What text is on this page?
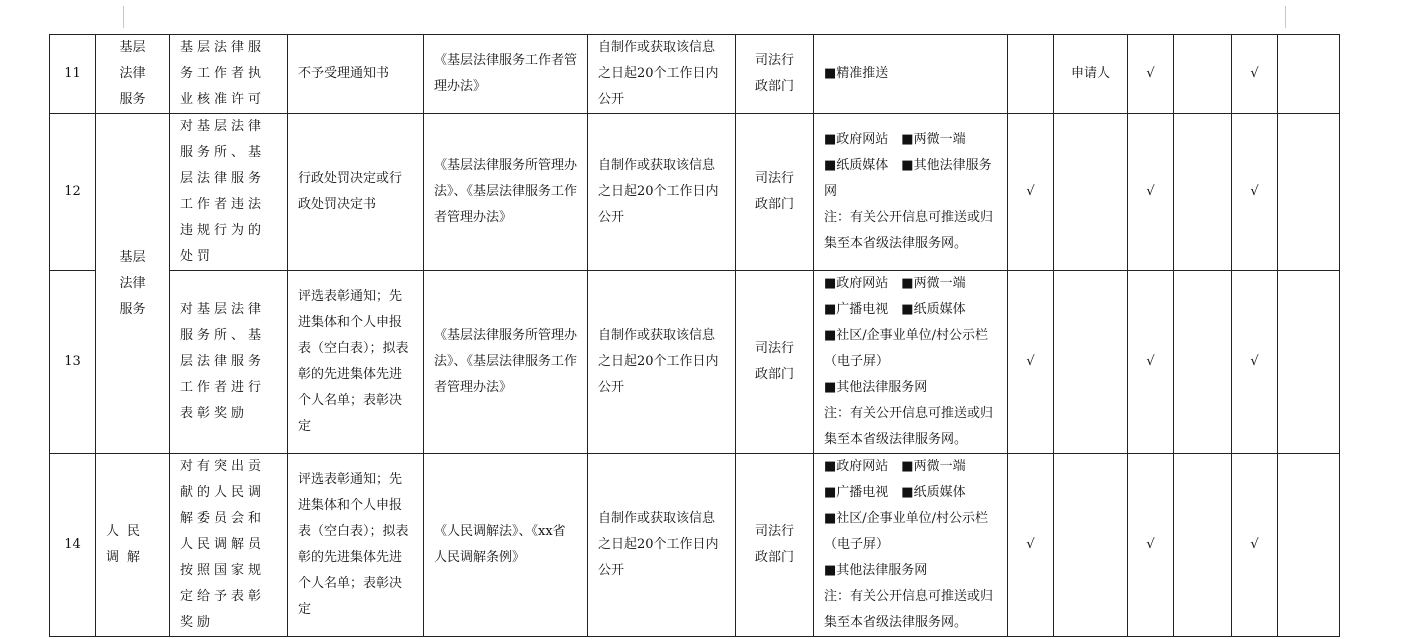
11	基层
法律
服务	基层法律服务工作者执业核准许可	不予受理通知书	《基层法律服务工作者管理办法》	自制作或获取该信息之日起20个工作日内公开	司法行
政部门	■精准推送		申请人	√		√	
12	基层
法律
服务	对基层法律服务所、基层法律服务工作者违法违规行为的处罚	行政处罚决定或行政处罚决定书	《基层法律服务所管理办法》、《基层法律服务工作者管理办法》	自制作或获取该信息之日起20个工作日内公开	司法行
政部门	■政府网站　■两微一端
■纸质媒体　■其他法律服务网
注：有关公开信息可推送或归集至本省级法律服务网。	√		√		√	
13		对基层法律服务所、基层法律服务工作者进行表彰奖励	评选表彰通知；先进集体和个人申报表（空白表）；拟表彰的先进集体先进个人名单；表彰决定	《基层法律服务所管理办法》、《基层法律服务工作者管理办法》	自制作或获取该信息之日起20个工作日内公开	司法行
政部门	■政府网站　■两微一端
■广播电视　■纸质媒体
■社区/企事业单位/村公示栏（电子屏）
■其他法律服务网
注：有关公开信息可推送或归集至本省级法律服务网。	√		√		√	
14	人民调解	对有突出贡献的人民调解委员会和人民调解员按照国家规定给予表彰奖励	评选表彰通知；先进集体和个人申报表（空白表）；拟表彰的先进集体先进个人名单；表彰决定	《人民调解法》、《xx省人民调解条例》	自制作或获取该信息之日起20个工作日内公开	司法行
政部门	■政府网站　■两微一端
■广播电视　■纸质媒体
■社区/企事业单位/村公示栏（电子屏）
■其他法律服务网
注：有关公开信息可推送或归集至本省级法律服务网。	√		√		√	
